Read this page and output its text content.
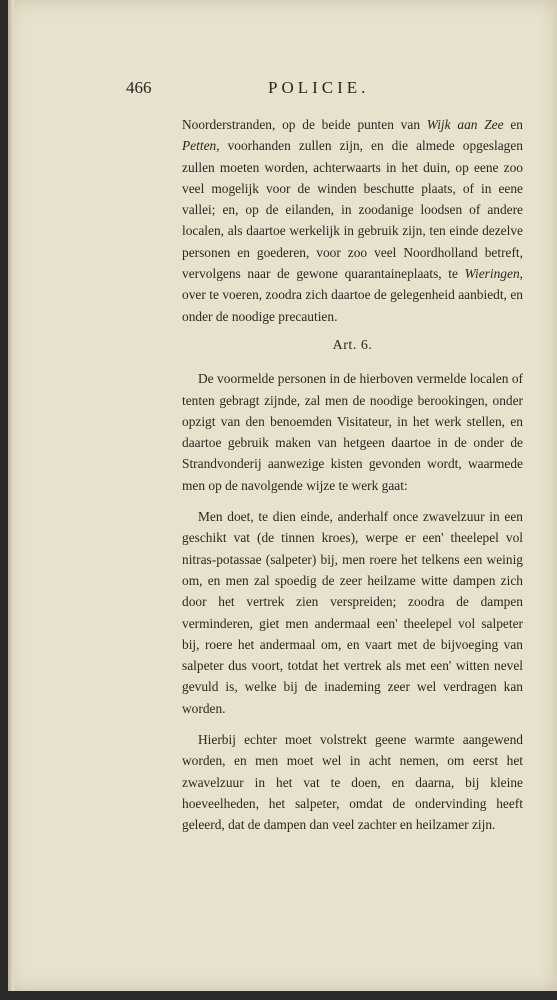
466	POLICIE.

Noorderstranden, op de beide punten van Wijk aan Zee en Petten, voorhanden zullen zijn, en die almede opgeslagen zullen moeten worden, achterwaarts in het duin, op eene zoo veel mogelijk voor de winden beschutte plaats, of in eene vallei; en, op de eilanden, in zoodanige loodsen of andere localen, als daartoe werkelijk in gebruik zijn, ten einde dezelve personen en goederen, voor zoo veel Noordholland betreft, vervolgens naar de gewone quarantaineplaats, te Wieringen, over te voeren, zoodra zich daartoe de gelegenheid aanbiedt, en onder de noodige precautien.

Art. 6.

De voormelde personen in de hierboven vermelde localen of tenten gebragt zijnde, zal men de noodige berookingen, onder opzigt van den benoemden Visitateur, in het werk stellen, en daartoe gebruik maken van hetgeen daartoe in de onder de Strandvonderij aanwezige kisten gevonden wordt, waarmede men op de navolgende wijze te werk gaat:

Men doet, te dien einde, anderhalf once zwavelzuur in een geschikt vat (de tinnen kroes), werpe er een' theelepel vol nitras-potassae (salpeter) bij, men roere het telkens een weinig om, en men zal spoedig de zeer heilzame witte dampen zich door het vertrek zien verspreiden; zoodra de dampen verminderen, giet men andermaal een' theelepel vol salpeter bij, roere het andermaal om, en vaart met de bijvoeging van salpeter dus voort, totdat het vertrek als met een' witten nevel gevuld is, welke bij de inademing zeer wel verdragen kan worden.

Hierbij echter moet volstrekt geene warmte aangewend worden, en men moet wel in acht nemen, om eerst het zwavelzuur in het vat te doen, en daarna, bij kleine hoeveelheden, het salpeter, omdat de ondervinding heeft geleerd, dat de dampen dan veel zachter en heilzamer zijn.
